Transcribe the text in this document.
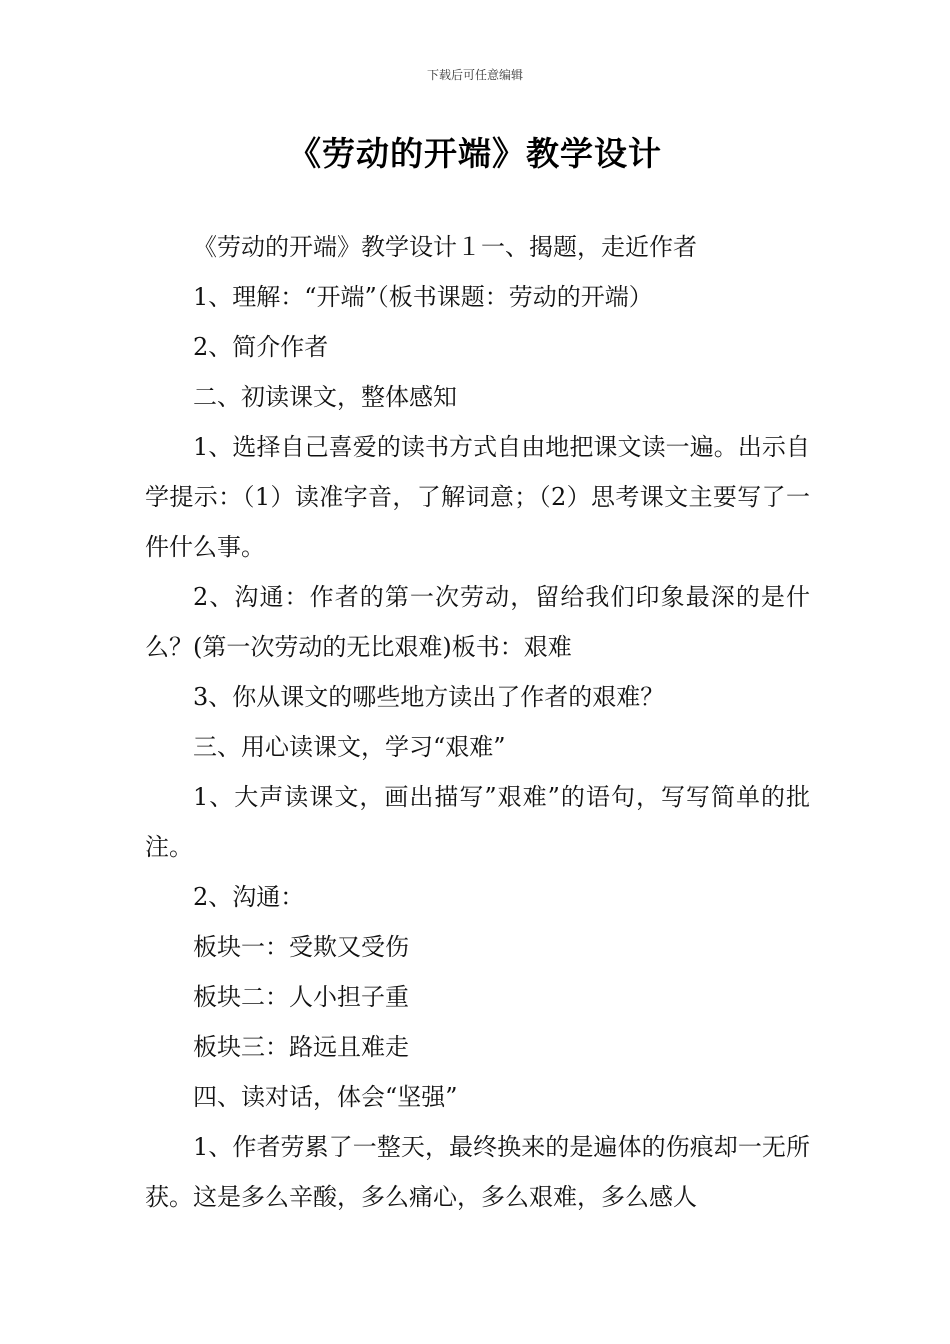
下载后可任意编辑
《劳动的开端》教学设计

《劳动的开端》教学设计１一、揭题，走近作者

1、理解：“开端”（板书课题：劳动的开端）

2、简介作者

二、初读课文，整体感知

1、选择自己喜爱的读书方式自由地把课文读一遍。出示自学提示：（1）读准字音，了解词意；（2）思考课文主要写了一件什么事。

2、沟通：作者的第一次劳动，留给我们印象最深的是什么？(第一次劳动的无比艰难)板书：艰难

3、你从课文的哪些地方读出了作者的艰难？

三、用心读课文，学习“艰难”

1、大声读课文，画出描写”艰难”的语句，写写简单的批注。

2、沟通：

板块一：受欺又受伤

板块二：人小担子重

板块三：路远且难走

四、读对话，体会“坚强”

1、作者劳累了一整天，最终换来的是遍体的伤痕却一无所获。这是多么辛酸，多么痛心，多么艰难，多么感人
